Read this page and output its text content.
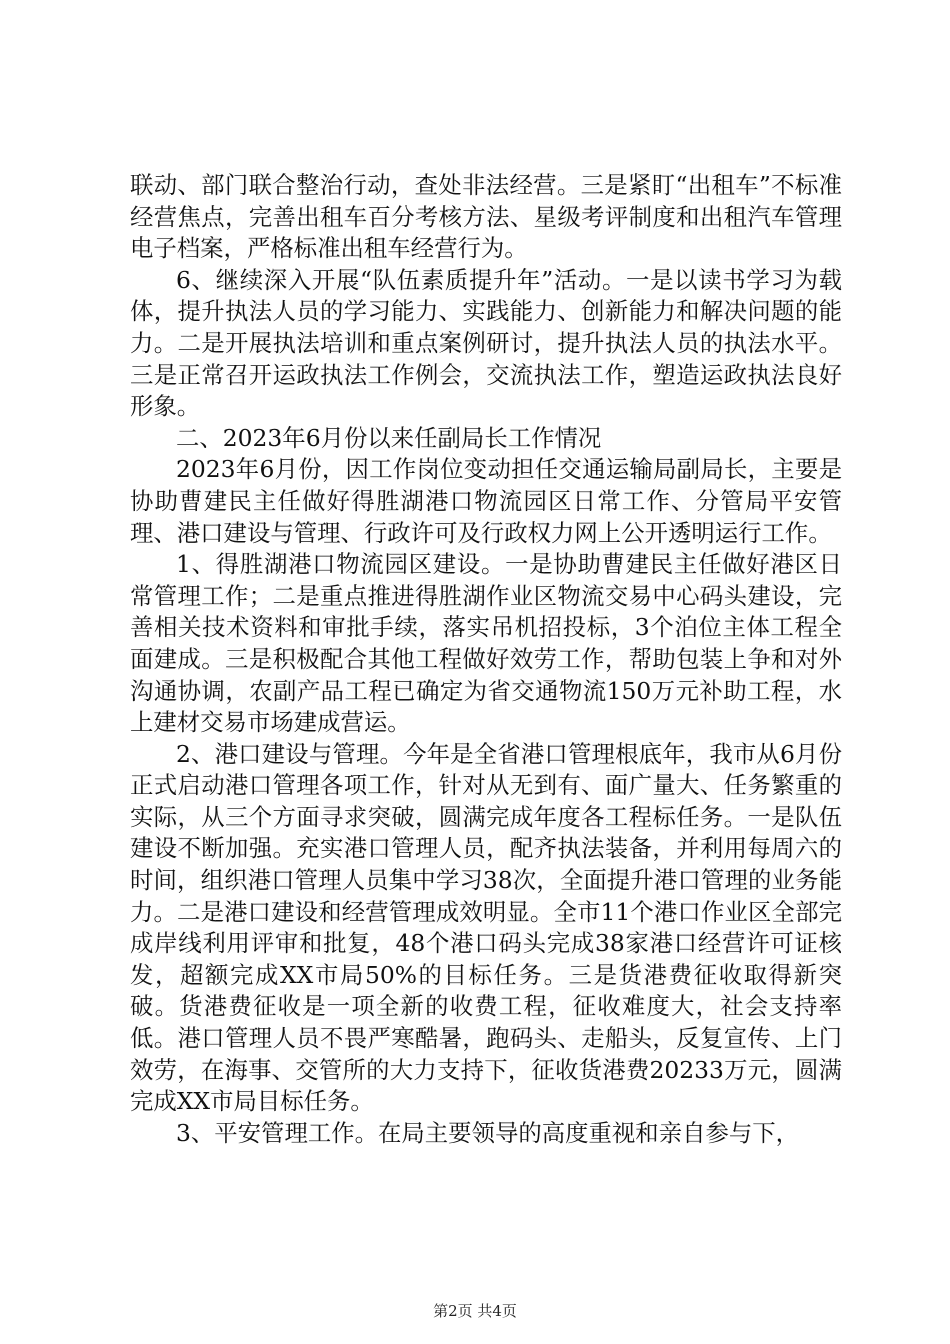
联动、部门联合整治行动，查处非法经营。三是紧盯“出租车”不标准经营焦点，完善出租车百分考核方法、星级考评制度和出租汽车管理电子档案，严格标准出租车经营行为。

6、继续深入开展“队伍素质提升年”活动。一是以读书学习为载体，提升执法人员的学习能力、实践能力、创新能力和解决问题的能力。二是开展执法培训和重点案例研讨，提升执法人员的执法水平。三是正常召开运政执法工作例会，交流执法工作，塑造运政执法良好形象。

二、2023年6月份以来任副局长工作情况

2023年6月份，因工作岗位变动担任交通运输局副局长，主要是协助曹建民主任做好得胜湖港口物流园区日常工作、分管局平安管理、港口建设与管理、行政许可及行政权力网上公开透明运行工作。

1、得胜湖港口物流园区建设。一是协助曹建民主任做好港区日常管理工作；二是重点推进得胜湖作业区物流交易中心码头建设，完善相关技术资料和审批手续，落实吊机招投标，3个泊位主体工程全面建成。三是积极配合其他工程做好效劳工作，帮助包装上争和对外沟通协调，农副产品工程已确定为省交通物流150万元补助工程，水上建材交易市场建成营运。

2、港口建设与管理。今年是全省港口管理根底年，我市从6月份正式启动港口管理各项工作，针对从无到有、面广量大、任务繁重的实际，从三个方面寻求突破，圆满完成年度各工程标任务。一是队伍建设不断加强。充实港口管理人员，配齐执法装备，并利用每周六的时间，组织港口管理人员集中学习38次，全面提升港口管理的业务能力。二是港口建设和经营管理成效明显。全市11个港口作业区全部完成岸线利用评审和批复，48个港口码头完成38家港口经营许可证核发，超额完成XX市局50%的目标任务。三是货港费征收取得新突破。货港费征收是一项全新的收费工程，征收难度大，社会支持率低。港口管理人员不畏严寒酷暑，跑码头、走船头，反复宣传、上门效劳，在海事、交管所的大力支持下，征收货港费20233万元，圆满完成XX市局目标任务。

3、平安管理工作。在局主要领导的高度重视和亲自参与下，

第2页 共4页
